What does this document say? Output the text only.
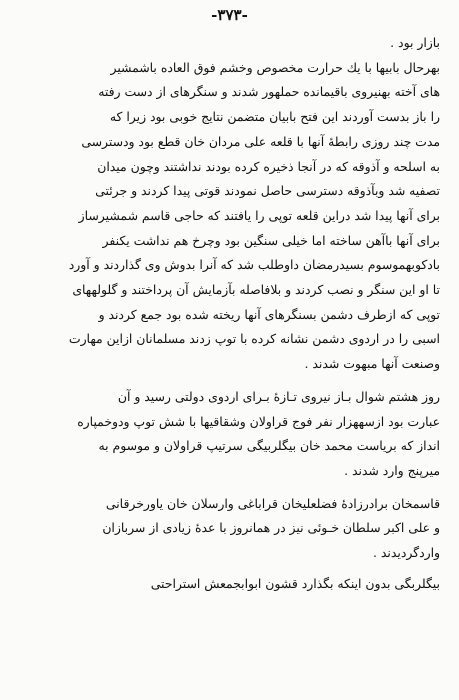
-٣٧٣-
بازار بود .
بهرحال بابیها با یك حرارت مخصوص وخشم فوق العاده باشمشیر
های آخته بهنیروی باقیمانده حملهور شدند و سنگرهای از دست رفته
را باز بدست آوردند این فتح بابیان متضمن نتایج خوبی بود زیرا که
مدت چند روزی رابطهٔ آنها با قلعه علی مردان خان قطع بود ودسترسی
به اسلحه و آذوقه که در آنجا ذخیره کرده بودند نداشتند وچون میدان
تصفیه شد وبآذوقه دسترسی حاصل نمودند قوتی پیدا کردند و جرئتی
برای آنها پیدا شد دراین قلعه توپی را یافتند که حاجی قاسم شمشیرساز
برای آنها باآهن ساخته اما خیلی سنگین بود وچرخ هم نداشت یکنفر
بادکوبهموسوم بسیدرمضان داوطلب شد که آنرا بدوش وی گذاردند و آورد
تا او این سنگر و نصب کردند و بلافاصله بآزمایش آن پرداختند و گلولههای
توپی که ازطرف دشمن بسنگرهای آنها ریخته شده بود جمع کردند و
اسبی را در اردوی دشمن نشانه کرده با توپ زدند مسلمانان ازاین مهارت
وصنعت آنها مبهوت شدند .
روز هشتم شوال بـاز نیروی تـازهٔ بـرای اردوی دولتی رسید و آن
عبارت بود ازسههزار نفر فوج قراولان وشقاقیها با شش توپ ودوخمپاره
انداز که بریاست محمد خان بیگلربیگی سرتیپ قراولان و موسوم به
میرپنج وارد شدند .
قاسمخان برادرزادهٔ فضلعلیخان قراباغی وارسلان خان یاورخرقانی
و علی اکبر سلطان خـوئی نیز در همانروز با عدهٔ زیادی از سربازان
واردگردیدند .
بیگلربگی بدون اینکه بگذارد قشون ابوابجمعش استراحتی
